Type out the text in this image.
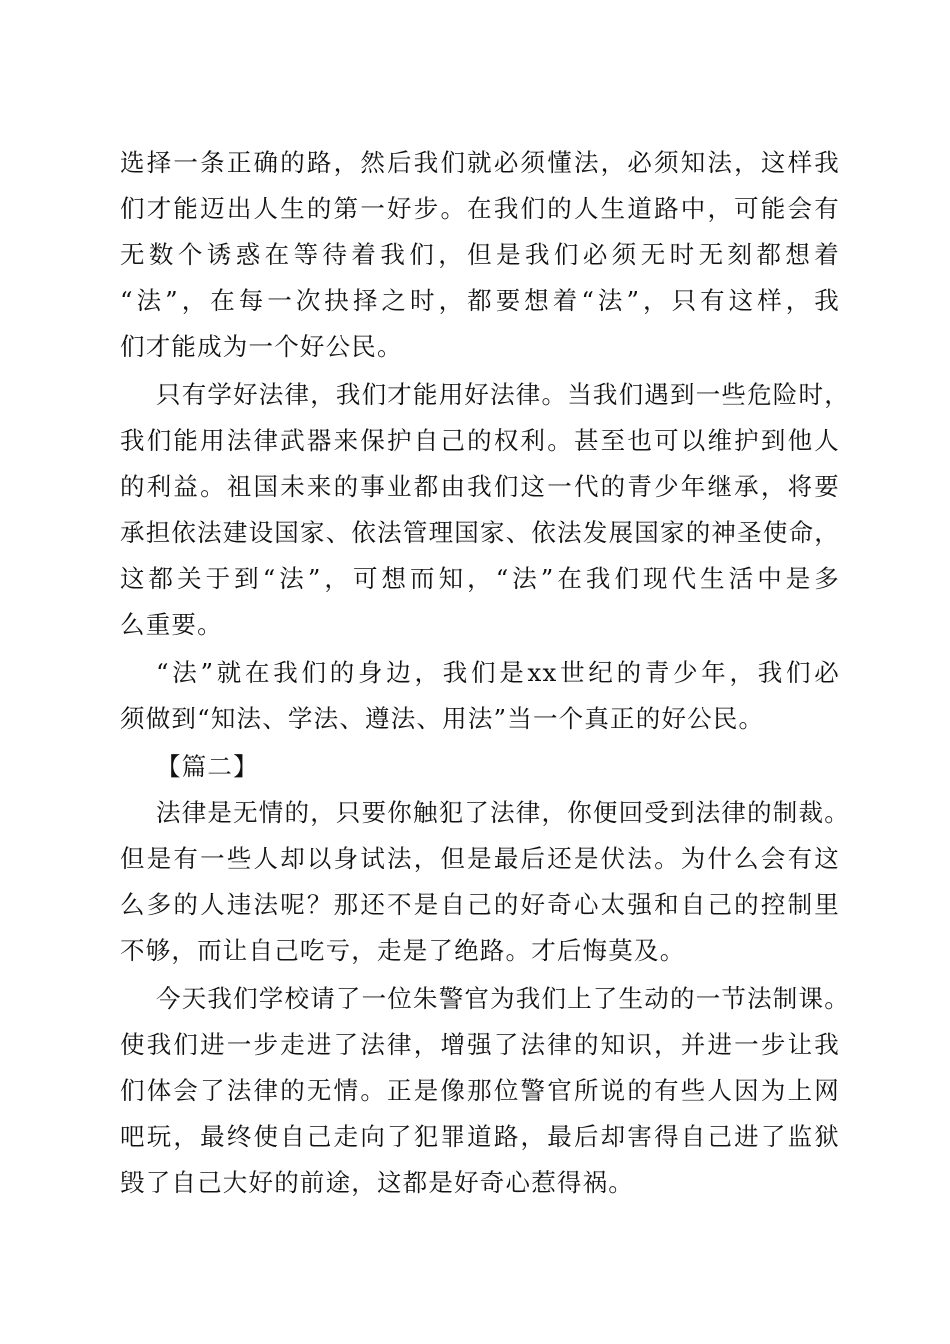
选择一条正确的路，然后我们就必须懂法，必须知法，这样我
们才能迈出人生的第一好步。在我们的人生道路中，可能会有
无数个诱惑在等待着我们，但是我们必须无时无刻都想着
“法”，在每一次抉择之时，都要想着“法”，只有这样，我
们才能成为一个好公民。
只有学好法律，我们才能用好法律。当我们遇到一些危险时，
我们能用法律武器来保护自己的权利。甚至也可以维护到他人
的利益。祖国未来的事业都由我们这一代的青少年继承，将要
承担依法建设国家、依法管理国家、依法发展国家的神圣使命，
这都关于到“法”，可想而知，“法”在我们现代生活中是多
么重要。
“法”就在我们的身边，我们是xx世纪的青少年，我们必
须做到“知法、学法、遵法、用法”当一个真正的好公民。
【篇二】
法律是无情的，只要你触犯了法律，你便回受到法律的制裁。
但是有一些人却以身试法，但是最后还是伏法。为什么会有这
么多的人违法呢？那还不是自己的好奇心太强和自己的控制里
不够，而让自己吃亏，走是了绝路。才后悔莫及。
今天我们学校请了一位朱警官为我们上了生动的一节法制课。
使我们进一步走进了法律，增强了法律的知识，并进一步让我
们体会了法律的无情。正是像那位警官所说的有些人因为上网
吧玩，最终使自己走向了犯罪道路，最后却害得自己进了监狱
毁了自己大好的前途，这都是好奇心惹得祸。
